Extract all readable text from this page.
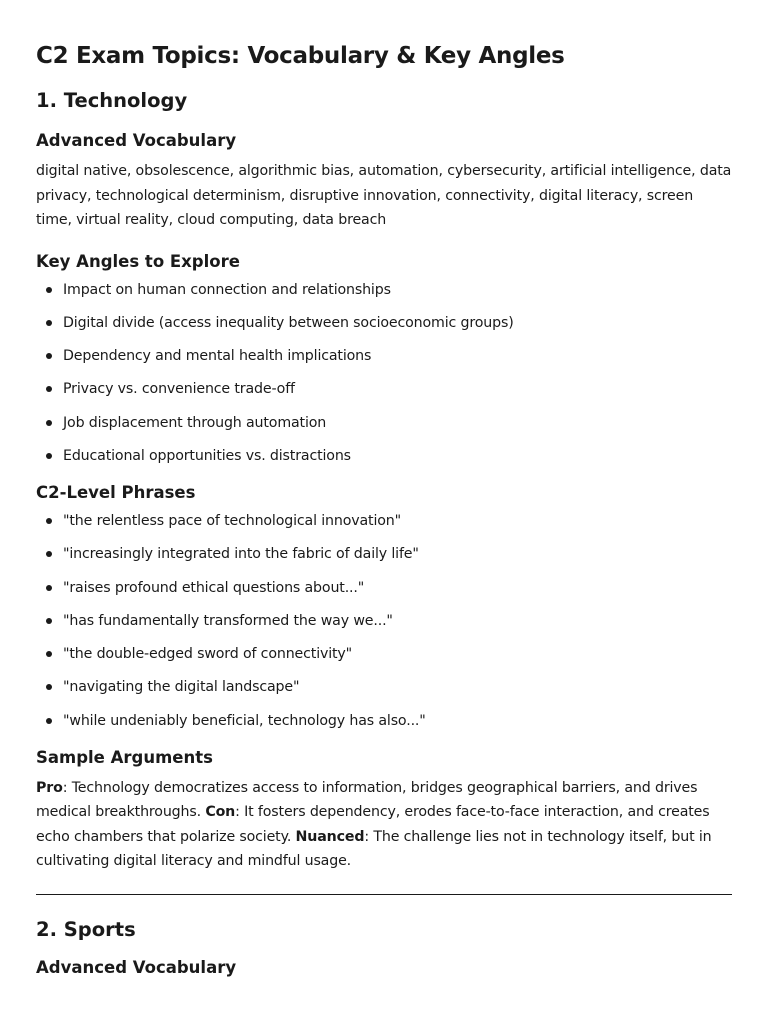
C2 Exam Topics: Vocabulary & Key Angles
1. Technology
Advanced Vocabulary

digital native, obsolescence, algorithmic bias, automation, cybersecurity, artificial intelligence, data privacy, technological determinism, disruptive innovation, connectivity, digital literacy, screen time, virtual reality, cloud computing, data breach

Key Angles to Explore
Impact on human connection and relationships
Digital divide (access inequality between socioeconomic groups)
Dependency and mental health implications
Privacy vs. convenience trade-off
Job displacement through automation
Educational opportunities vs. distractions
C2-Level Phrases
"the relentless pace of technological innovation"
"increasingly integrated into the fabric of daily life"
"raises profound ethical questions about..."
"has fundamentally transformed the way we..."
"the double-edged sword of connectivity"
"navigating the digital landscape"
"while undeniably beneficial, technology has also..."
Sample Arguments

Pro: Technology democratizes access to information, bridges geographical barriers, and drives medical breakthroughs. Con: It fosters dependency, erodes face-to-face interaction, and creates echo chambers that polarize society. Nuanced: The challenge lies not in technology itself, but in cultivating digital literacy and mindful usage.

2. Sports
Advanced Vocabulary
